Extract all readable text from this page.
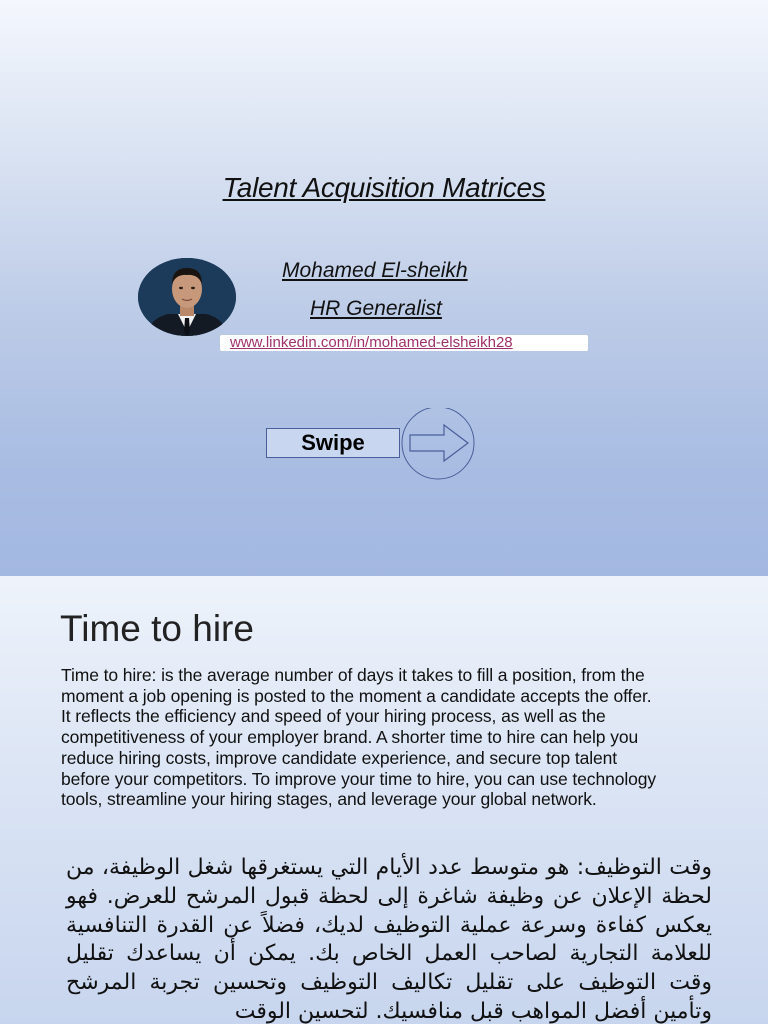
Talent Acquisition Matrices
Mohamed El-sheikh
HR Generalist
www.linkedin.com/in/mohamed-elsheikh28
Swipe
Time to hire
Time to hire: is the average number of days it takes to fill a position, from the moment a job opening is posted to the moment a candidate accepts the offer. It reflects the efficiency and speed of your hiring process, as well as the competitiveness of your employer brand. A shorter time to hire can help you reduce hiring costs, improve candidate experience, and secure top talent before your competitors. To improve your time to hire, you can use technology tools, streamline your hiring stages, and leverage your global network.
وقت التوظيف: هو متوسط عدد الأيام التي يستغرقها شغل الوظيفة، من لحظة الإعلان عن وظيفة شاغرة إلى لحظة قبول المرشح للعرض. فهو يعكس كفاءة وسرعة عملية التوظيف لديك، فضلاً عن القدرة التنافسية للعلامة التجارية لصاحب العمل الخاص بك. يمكن أن يساعدك تقليل وقت التوظيف على تقليل تكاليف التوظيف وتحسين تجربة المرشح وتأمين أفضل المواهب قبل منافسيك. لتحسين الوقت
